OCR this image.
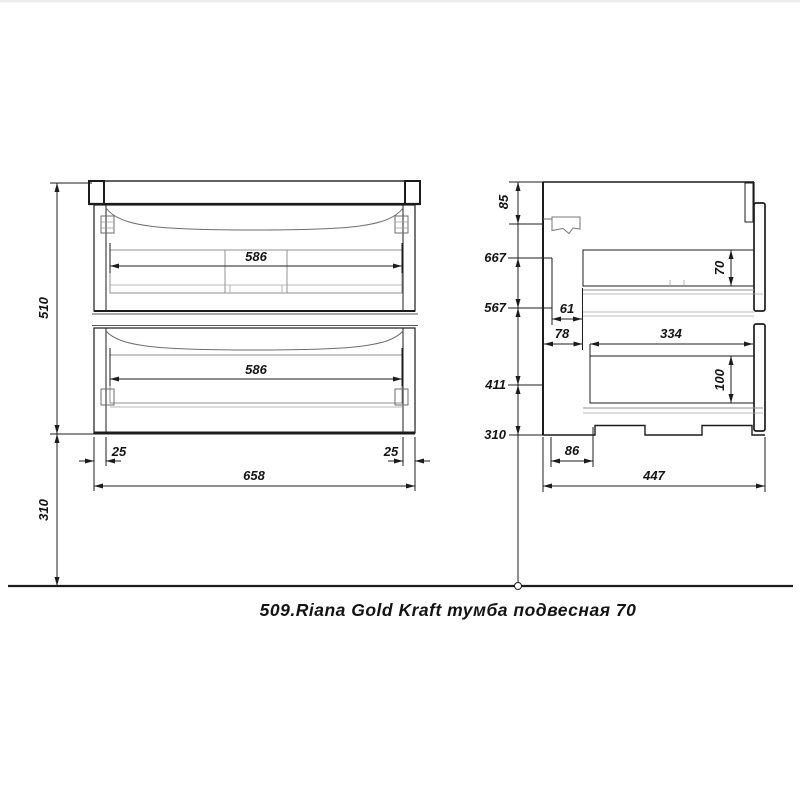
586
586
25	25
658
510
310
70
100
61
78	334
86
447
85
667
567
411
310
509.Riana Gold Kraft тумба подвесная 70
